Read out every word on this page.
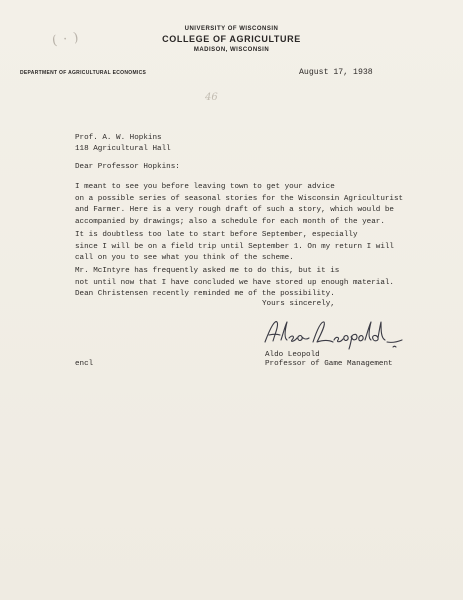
( · )
46
UNIVERSITY OF WISCONSIN
COLLEGE OF AGRICULTURE
MADISON, WISCONSIN
DEPARTMENT OF AGRICULTURAL ECONOMICS	August 17, 1938
Prof. A. W. Hopkins
118 Agricultural Hall
Dear Professor Hopkins:

I meant to see you before leaving town to get your advice
on a possible series of seasonal stories for the Wisconsin Agriculturist
and Farmer. Here is a very rough draft of such a story, which would be
accompanied by drawings; also a schedule for each month of the year.

It is doubtless too late to start before September, especially
since I will be on a field trip until September 1. On my return I will
call on you to see what you think of the scheme.

Mr. McIntyre has frequently asked me to do this, but it is
not until now that I have concluded we have stored up enough material.
Dean Christensen recently reminded me of the possibility.

Yours sincerely,
Aldo Leopold
Professor of Game Management
encl
